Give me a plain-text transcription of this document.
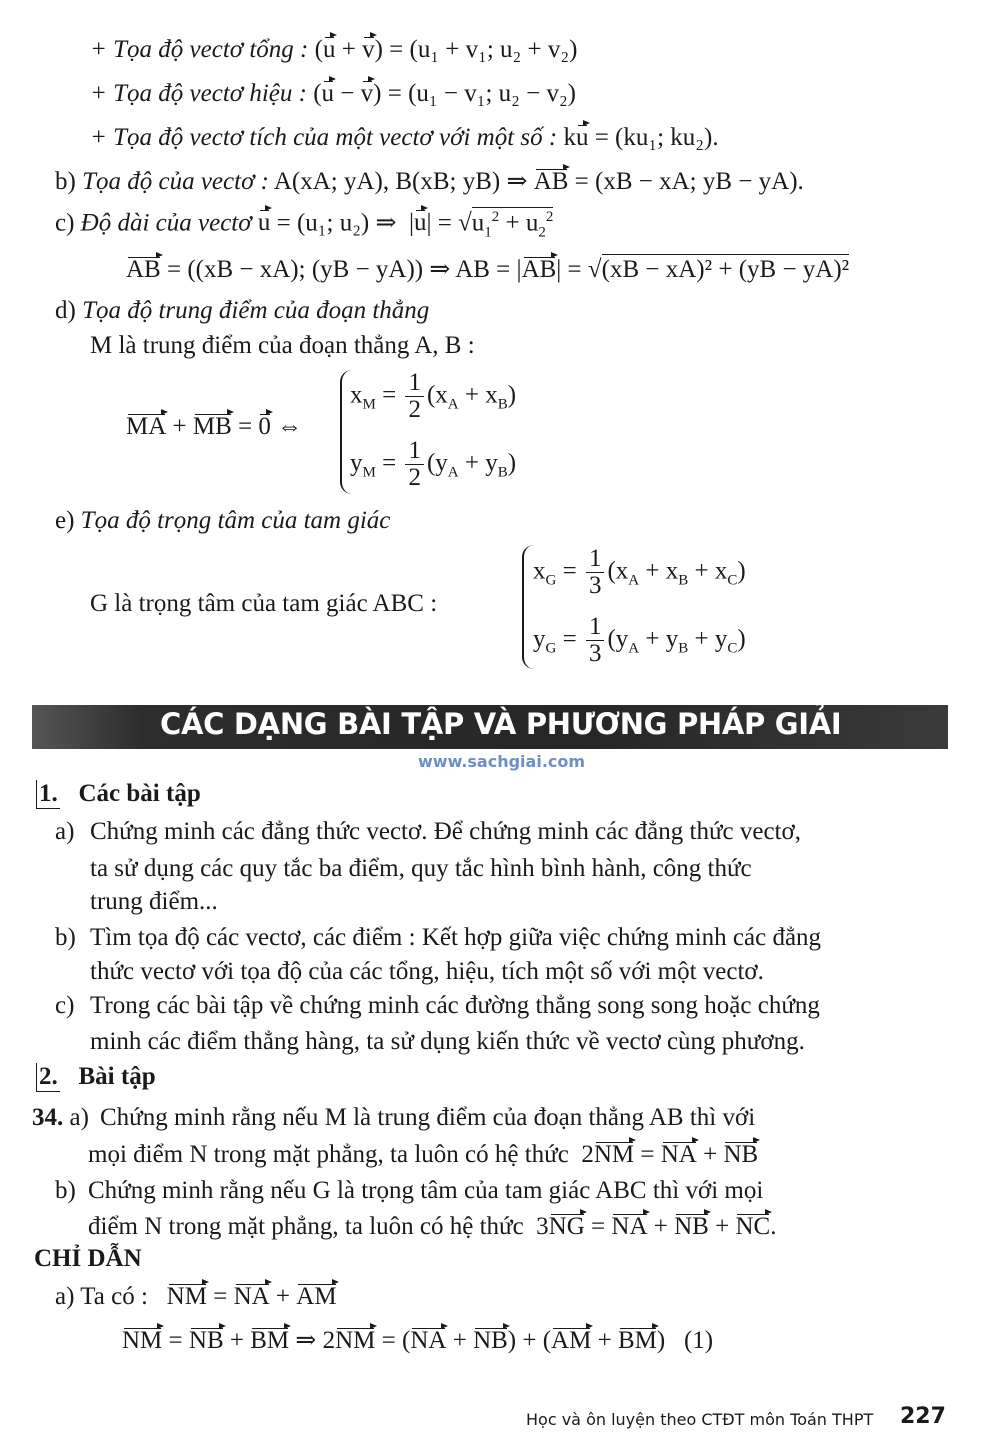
+ Tọa độ vectơ tổng : (u + v) = (u₁ + v₁; u₂ + v₂)
+ Tọa độ vectơ hiệu : (u − v) = (u₁ − v₁; u₂ − v₂)
+ Tọa độ vectơ tích của một vectơ với một số : ku = (ku₁; ku₂).
b) Tọa độ của vectơ : A(xA; yA), B(xB; yB) ⇒ AB = (xB − xA; yB − yA).
c) Độ dài của vectơ u = (u₁; u₂) ⇒  $|u| = √u_1^2 + u_2^2$
AB = ((xB − xA); (yB − yA)) ⇒ AB = |AB| = √(xB − xA)² + (yB − yA)²
d) Tọa độ trung điểm của đoạn thẳng
M là trung điểm của đoạn thẳng A, B :
MA + MB = 0 ⇔
$x_M = \frac{1}{2} (x_A + x_B)$
$y_M = \frac{1}{2} (y_A + y_B)$
e) Tọa độ trọng tâm của tam giác
G là trọng tâm của tam giác ABC :
$x_G = \frac{1}{3} (x_A + x_B + x_C)$
$y_G = \frac{1}{3} (y_A + y_B + y_C)$
CÁC DẠNG BÀI TẬP VÀ PHƯƠNG PHÁP GIẢI
www.sachgiai.com
1. Các bài tập
a) Chứng minh các đẳng thức vectơ. Để chứng minh các đẳng thức vectơ,
ta sử dụng các quy tắc ba điểm, quy tắc hình bình hành, công thức
trung điểm...
b) Tìm tọa độ các vectơ, các điểm : Kết hợp giữa việc chứng minh các đẳng
thức vectơ với tọa độ của các tổng, hiệu, tích một số với một vectơ.
c) Trong các bài tập về chứng minh các đường thẳng song song hoặc chứng
minh các điểm thẳng hàng, ta sử dụng kiến thức về vectơ cùng phương.
2. Bài tập
34. a) Chứng minh rằng nếu M là trung điểm của đoạn thẳng AB thì với
mọi điểm N trong mặt phẳng, ta luôn có hệ thức  2NM = NA + NB
b) Chứng minh rằng nếu G là trọng tâm của tam giác ABC thì với mọi
điểm N trong mặt phẳng, ta luôn có hệ thức  3NG = NA + NB + NC.
CHỈ DẪN
a) Ta có : NM = NA + AM
NM = NB + BM ⇒ 2NM = (NA + NB) + (AM + BM)   (1)
Học và ôn luyện theo CTĐT môn Toán THPT 227
